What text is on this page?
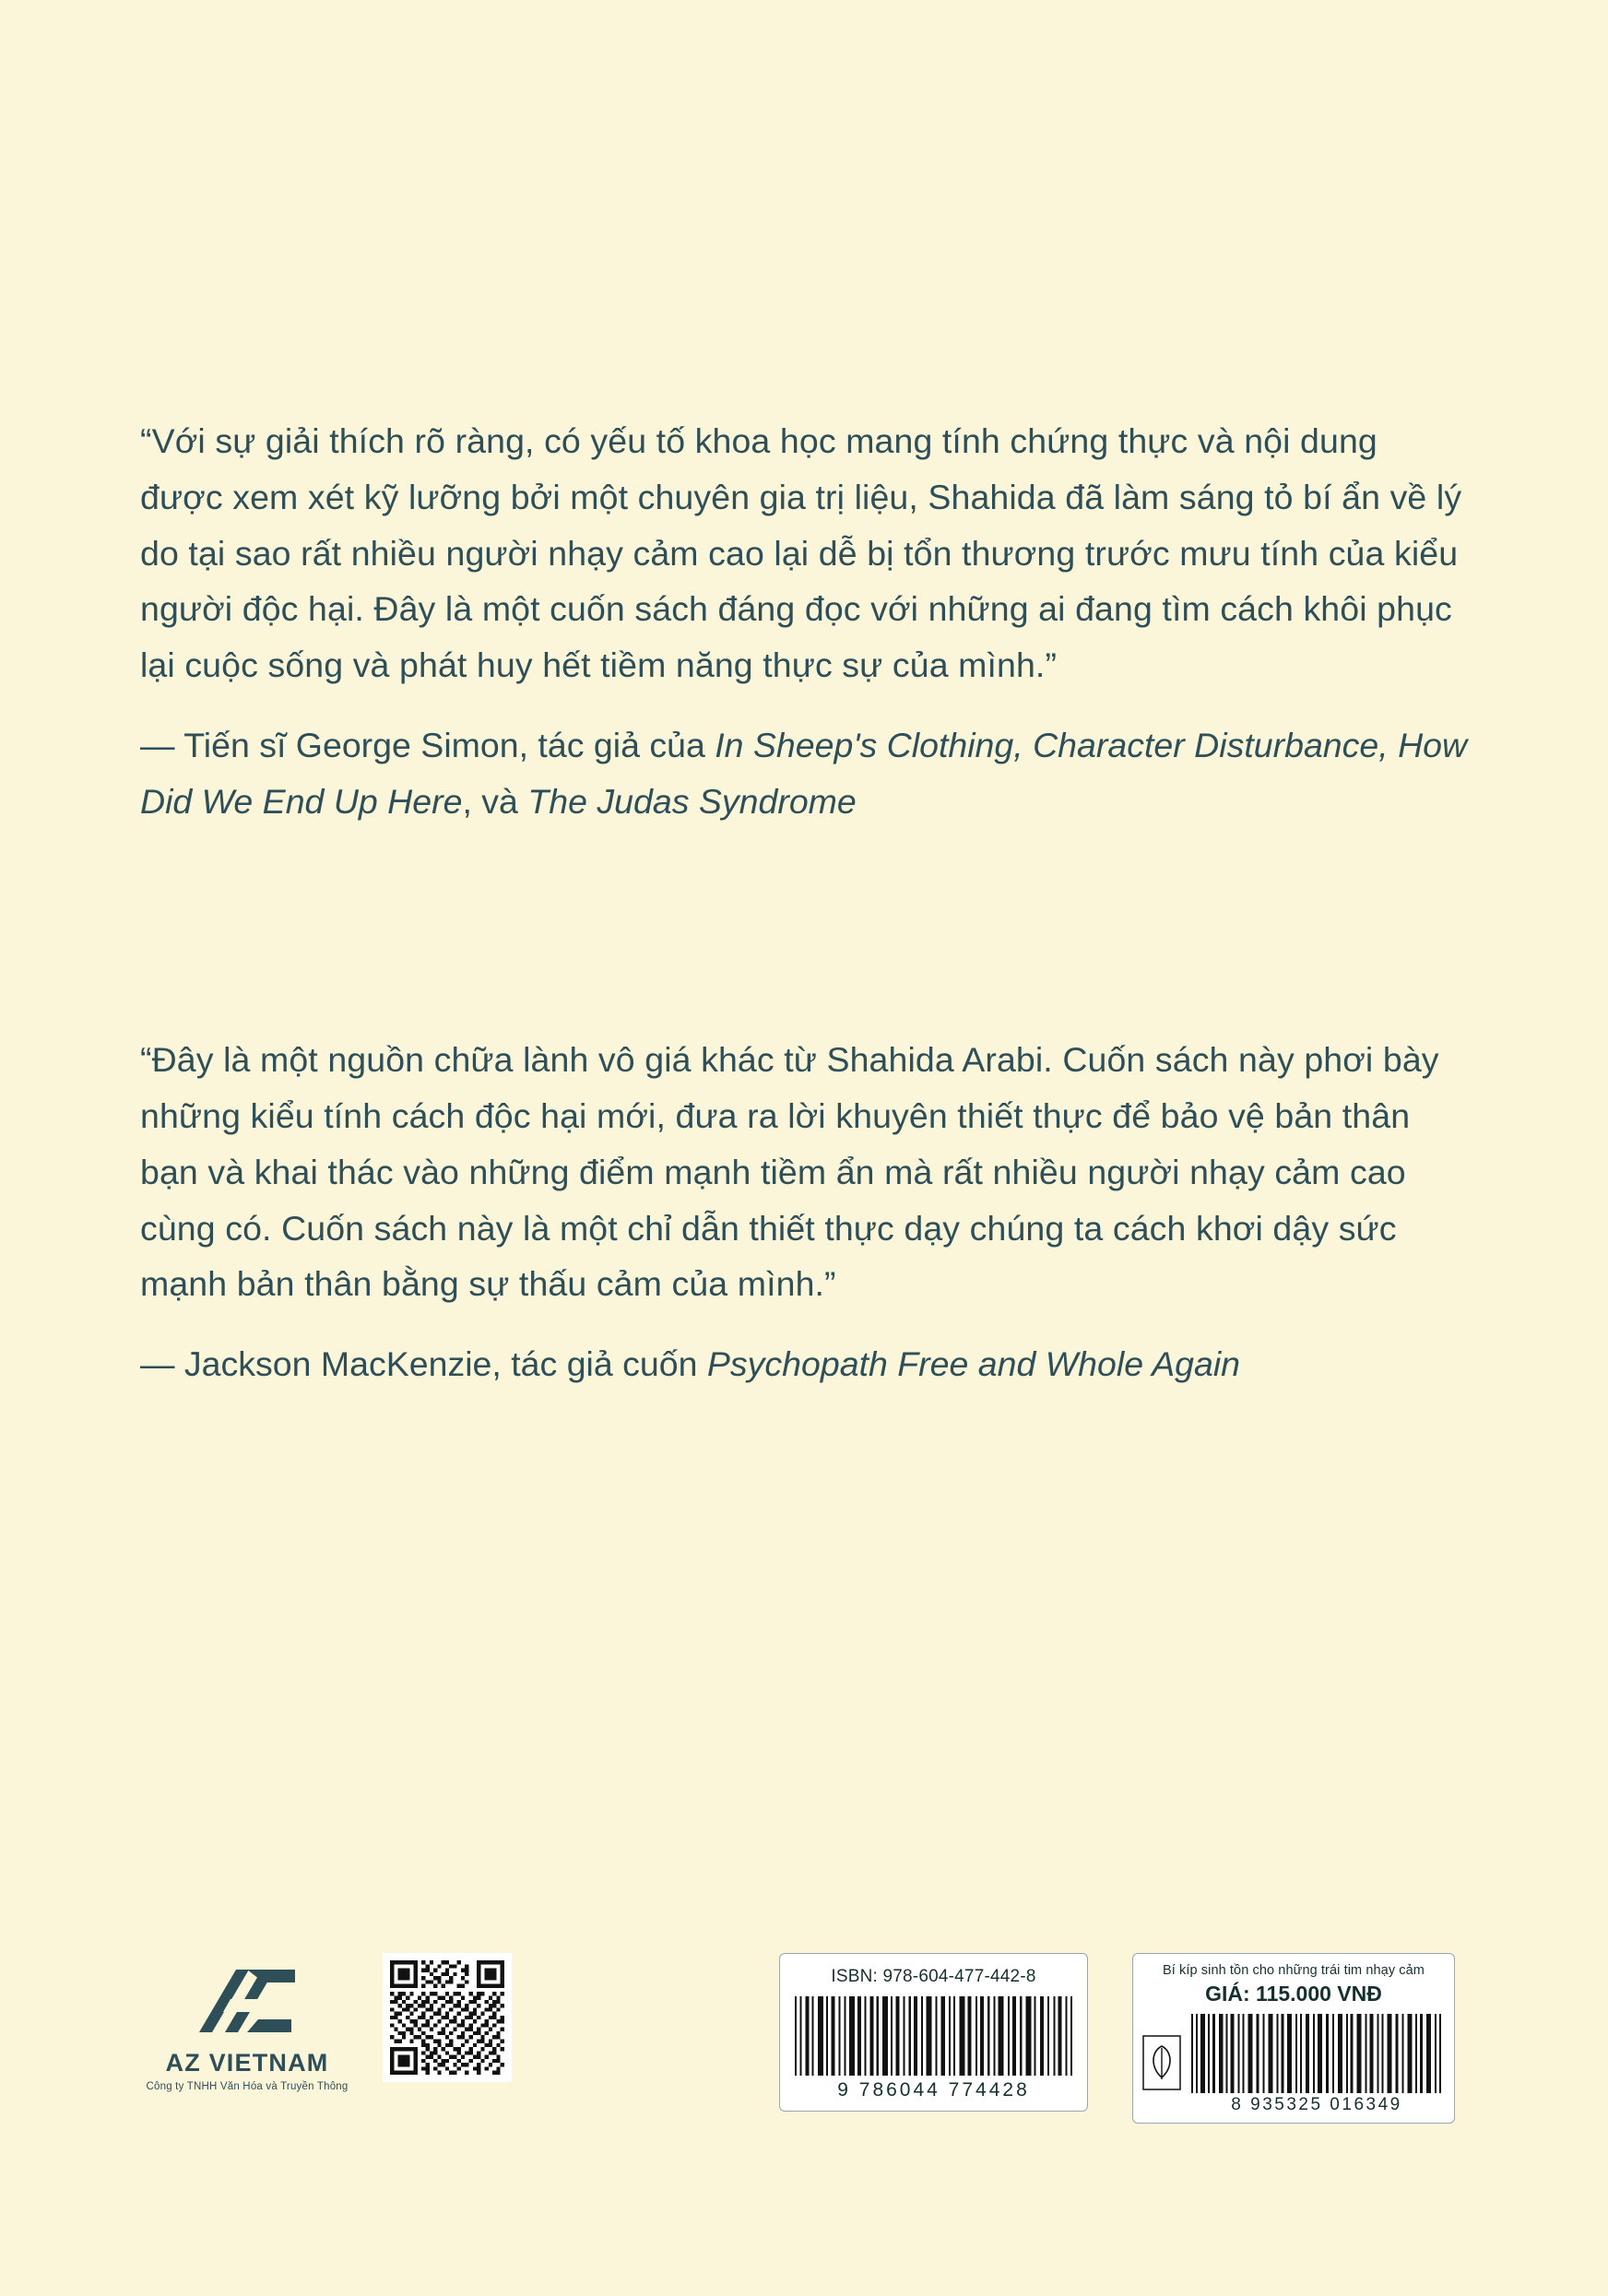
“Với sự giải thích rõ ràng, có yếu tố khoa học mang tính chứng thực và nội dung được xem xét kỹ lưỡng bởi một chuyên gia trị liệu, Shahida đã làm sáng tỏ bí ẩn về lý do tại sao rất nhiều người nhạy cảm cao lại dễ bị tổn thương trước mưu tính của kiểu người độc hại. Đây là một cuốn sách đáng đọc với những ai đang tìm cách khôi phục lại cuộc sống và phát huy hết tiềm năng thực sự của mình.”
— Tiến sĩ George Simon, tác giả của In Sheep's Clothing, Character Disturbance, How Did We End Up Here, và The Judas Syndrome
“Đây là một nguồn chữa lành vô giá khác từ Shahida Arabi. Cuốn sách này phơi bày những kiểu tính cách độc hại mới, đưa ra lời khuyên thiết thực để bảo vệ bản thân bạn và khai thác vào những điểm mạnh tiềm ẩn mà rất nhiều người nhạy cảm cao cùng có. Cuốn sách này là một chỉ dẫn thiết thực dạy chúng ta cách khơi dậy sức mạnh bản thân bằng sự thấu cảm của mình.”
— Jackson MacKenzie, tác giả cuốn Psychopath Free and Whole Again
AZ VIETNAM
Công ty TNHH Văn Hóa và Truyền Thông
ISBN: 978-604-477-442-8
9 786044 774428
Bí kíp sinh tồn cho những trái tim nhạy cảm
GIÁ: 115.000 VNĐ
8 935325 016349
